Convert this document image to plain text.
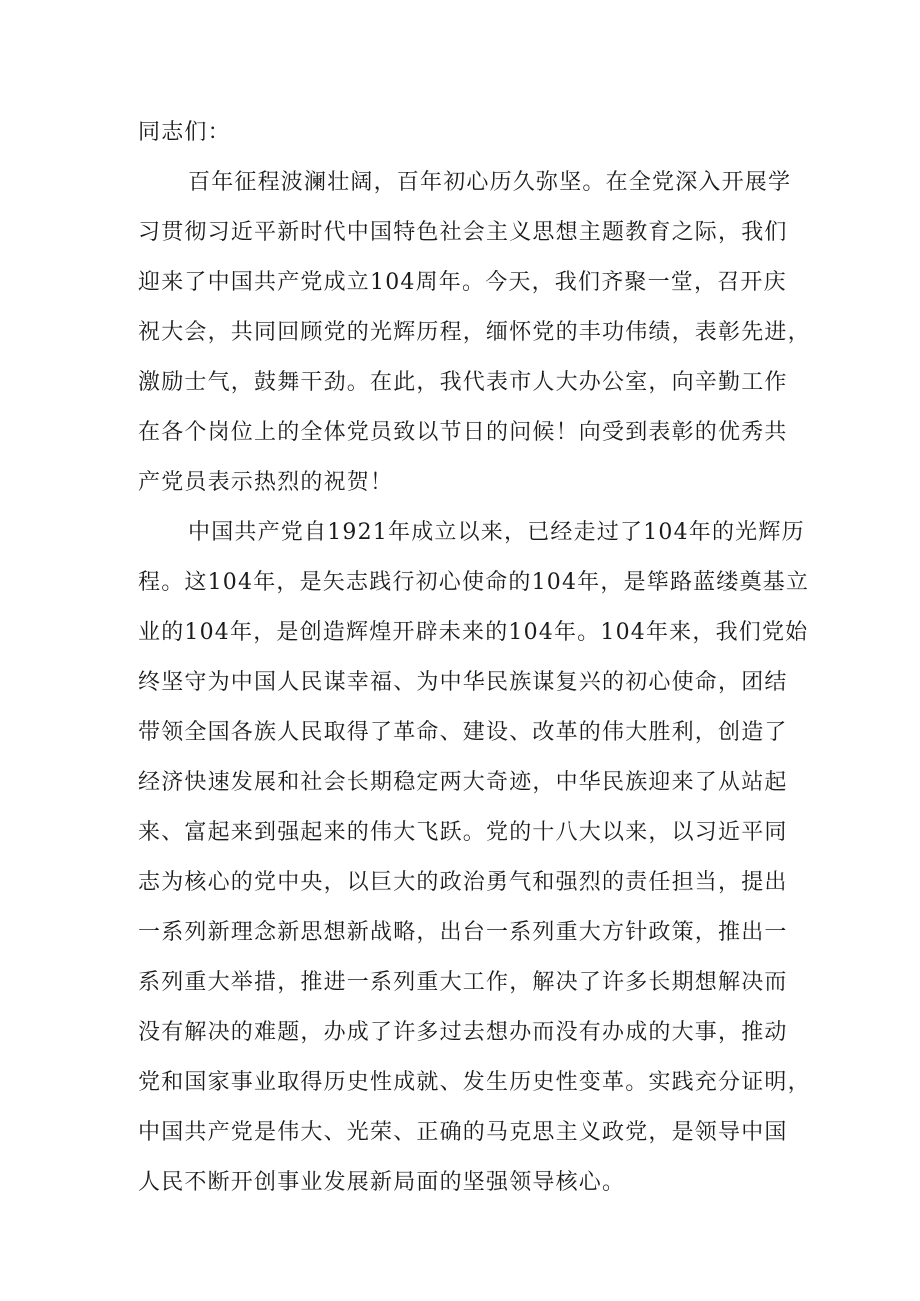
同志们：
百年征程波澜壮阔，百年初心历久弥坚。在全党深入开展学
习贯彻习近平新时代中国特色社会主义思想主题教育之际，我们
迎来了中国共产党成立104周年。今天，我们齐聚一堂，召开庆
祝大会，共同回顾党的光辉历程，缅怀党的丰功伟绩，表彰先进，
激励士气，鼓舞干劲。在此，我代表市人大办公室，向辛勤工作
在各个岗位上的全体党员致以节日的问候！向受到表彰的优秀共
产党员表示热烈的祝贺！
中国共产党自1921年成立以来，已经走过了104年的光辉历
程。这104年，是矢志践行初心使命的104年，是筚路蓝缕奠基立
业的104年，是创造辉煌开辟未来的104年。104年来，我们党始
终坚守为中国人民谋幸福、为中华民族谋复兴的初心使命，团结
带领全国各族人民取得了革命、建设、改革的伟大胜利，创造了
经济快速发展和社会长期稳定两大奇迹，中华民族迎来了从站起
来、富起来到强起来的伟大飞跃。党的十八大以来，以习近平同
志为核心的党中央，以巨大的政治勇气和强烈的责任担当，提出
一系列新理念新思想新战略，出台一系列重大方针政策，推出一
系列重大举措，推进一系列重大工作，解决了许多长期想解决而
没有解决的难题，办成了许多过去想办而没有办成的大事，推动
党和国家事业取得历史性成就、发生历史性变革。实践充分证明，
中国共产党是伟大、光荣、正确的马克思主义政党，是领导中国
人民不断开创事业发展新局面的坚强领导核心。
